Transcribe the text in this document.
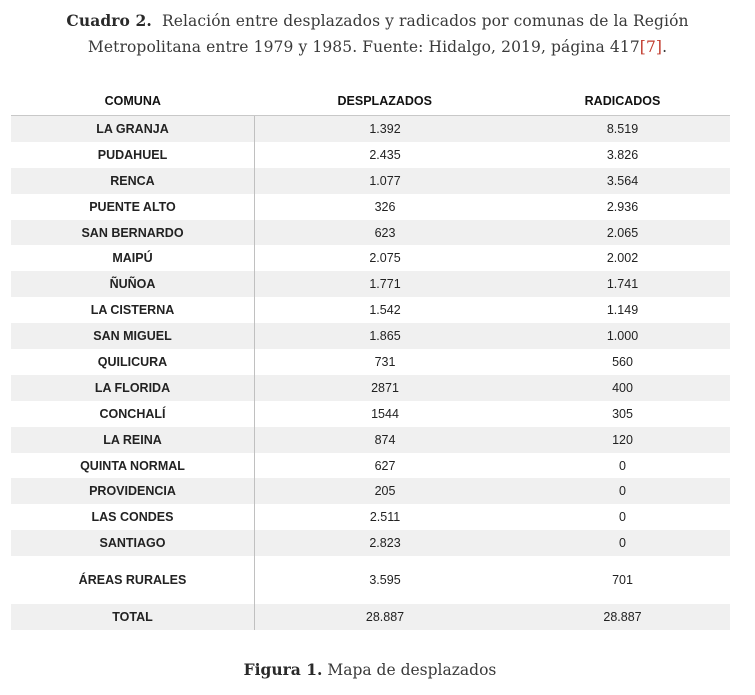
Cuadro 2. Relación entre desplazados y radicados por comunas de la Región Metropolitana entre 1979 y 1985. Fuente: Hidalgo, 2019, página 417[7].
COMUNA	DESPLAZADOS	RADICADOS
LA GRANJA	1.392	8.519
PUDAHUEL	2.435	3.826
RENCA	1.077	3.564
PUENTE ALTO	326	2.936
SAN BERNARDO	623	2.065
MAIPÚ	2.075	2.002
ÑUÑOA	1.771	1.741
LA CISTERNA	1.542	1.149
SAN MIGUEL	1.865	1.000
QUILICURA	731	560
LA FLORIDA	2871	400
CONCHALÍ	1544	305
LA REINA	874	120
QUINTA NORMAL	627	0
PROVIDENCIA	205	0
LAS CONDES	2.511	0
SANTIAGO	2.823	0
ÁREAS RURALES	3.595	701
TOTAL	28.887	28.887
Figura 1. Mapa de desplazados
